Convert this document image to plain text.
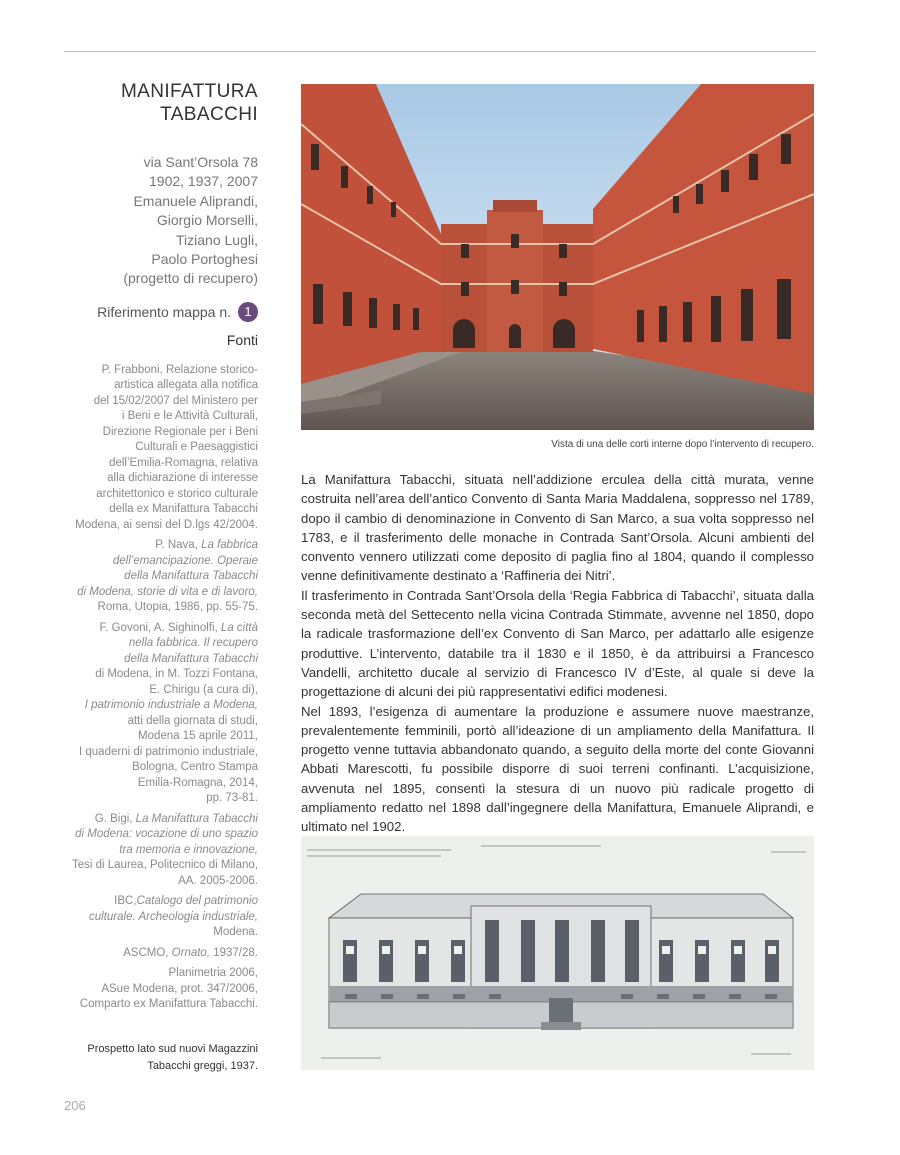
MANIFATTURA
TABACCHI
via Sant’Orsola 78
1902, 1937, 2007
Emanuele Aliprandi,
Giorgio Morselli,
Tiziano Lugli,
Paolo Portoghesi
(progetto di recupero)
Riferimento mappa n.	1
Fonti
P. Frabboni, Relazione storico-
artistica allegata alla notifica
del 15/02/2007 del Ministero per
i Beni e le Attività Culturali,
Direzione Regionale per i Beni
Culturali e Paesaggistici
dell’Emilia-Romagna, relativa
alla dichiarazione di interesse
architettonico e storico culturale
della ex Manifattura Tabacchi
Modena, ai sensi del D.lgs 42/2004.
P. Nava, La fabbrica
dell’emancipazione. Operaie
della Manifattura Tabacchi
di Modena, storie di vita e di lavoro,
Roma, Utopia, 1986, pp. 55-75.
F. Govoni, A. Sighinolfi, La città
nella fabbrica. Il recupero
della Manifattura Tabacchi
di Modena, in M. Tozzi Fontana,
E. Chirigu (a cura di),
I patrimonio industriale a Modena,
atti della giornata di studi,
Modena 15 aprile 2011,
I quaderni di patrimonio industriale,
Bologna, Centro Stampa
Emilia-Romagna, 2014,
pp. 73-81.
G. Bigi, La Manifattura Tabacchi
di Modena: vocazione di uno spazio
tra memoria e innovazione,
Tesi di Laurea, Politecnico di Milano,
AA. 2005-2006.
IBC,Catalogo del patrimonio
culturale. Archeologia industriale,
Modena.
ASCMO, Ornato, 1937/28.
Planimetria 2006,
ASue Modena, prot. 347/2006,
Comparto ex Manifattura Tabacchi.
Prospetto lato sud nuovi Magazzini
Tabacchi greggi, 1937.
206
Vista di una delle corti interne dopo l’intervento di recupero.

La Manifattura Tabacchi, situata nell’addizione erculea della città murata, venne costruita nell’area dell’antico Convento di Santa Maria Maddalena, soppresso nel 1789, dopo il cambio di denominazione in Convento di San Marco, a sua volta soppresso nel 1783, e il trasferimento delle monache in Contrada Sant’Orsola. Alcuni ambienti del convento vennero utilizzati come deposito di paglia fino al 1804, quando il complesso venne definitivamente destinato a ‘Raffineria dei Nitri’.

Il trasferimento in Contrada Sant’Orsola della ‘Regia Fabbrica di Tabacchi’, situata dalla seconda metà del Settecento nella vicina Contrada Stimmate, avvenne nel 1850, dopo la radicale trasformazione dell’ex Convento di San Marco, per adattarlo alle esigenze produttive. L’intervento, databile tra il 1830 e il 1850, è da attribuirsi a Francesco Vandelli, architetto ducale al servizio di Francesco IV d’Este, al quale si deve la progettazione di alcuni dei più rappresentativi edifici modenesi.

Nel 1893, l’esigenza di aumentare la produzione e assumere nuove maestranze, prevalentemente femminili, portò all’ideazione di un ampliamento della Manifattura. Il progetto venne tuttavia abbandonato quando, a seguito della morte del conte Giovanni Abbati Marescotti, fu possibile disporre di suoi terreni confinanti. L’acquisizione, avvenuta nel 1895, consentì la stesura di un nuovo più radicale progetto di ampliamento redatto nel 1898 dall’ingegnere della Manifattura, Emanuele Aliprandi, e ultimato nel 1902.
